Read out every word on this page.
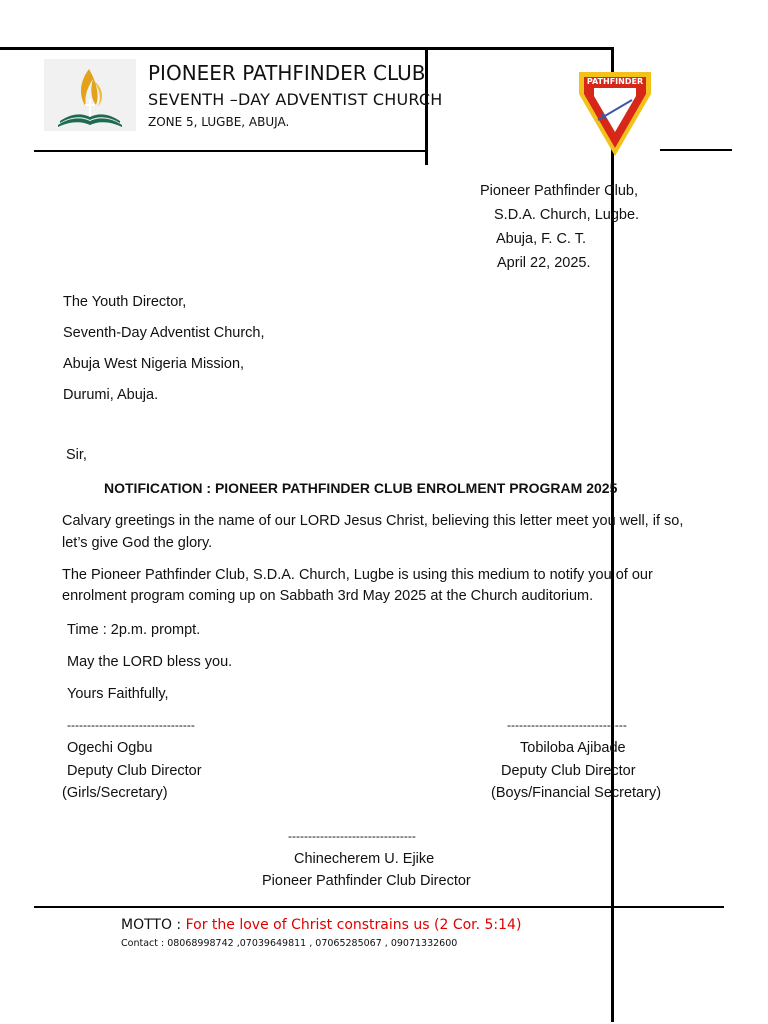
PIONEER PATHFINDER CLUB
SEVENTH –DAY ADVENTIST CHURCH
ZONE 5, LUGBE, ABUJA.
PATHFINDER
Pioneer Pathfinder Club,
S.D.A. Church, Lugbe.
Abuja, F. C. T.
April 22, 2025.
The Youth Director,
Seventh-Day Adventist Church,
Abuja West Nigeria Mission,
Durumi, Abuja.
Sir,
NOTIFICATION : PIONEER PATHFINDER CLUB ENROLMENT PROGRAM 2025
Calvary greetings in the name of our LORD Jesus Christ, believing this letter meet you well, if so,
let’s give God the glory.
The Pioneer Pathfinder Club, S.D.A. Church, Lugbe is using this medium to notify you of our
enrolment program coming up on Sabbath 3rd May 2025 at the Church auditorium.
Time : 2p.m. prompt.
May the LORD bless you.
Yours Faithfully,
--------------------------------
Ogechi Ogbu
Deputy Club Director
(Girls/Secretary)
------------------------------
Tobiloba Ajibade
Deputy Club Director
(Boys/Financial Secretary)
--------------------------------
Chinecherem U. Ejike
Pioneer Pathfinder Club Director
MOTTO : For the love of Christ constrains us (2 Cor. 5:14)
Contact : 08068998742 ,07039649811 , 07065285067 , 09071332600
